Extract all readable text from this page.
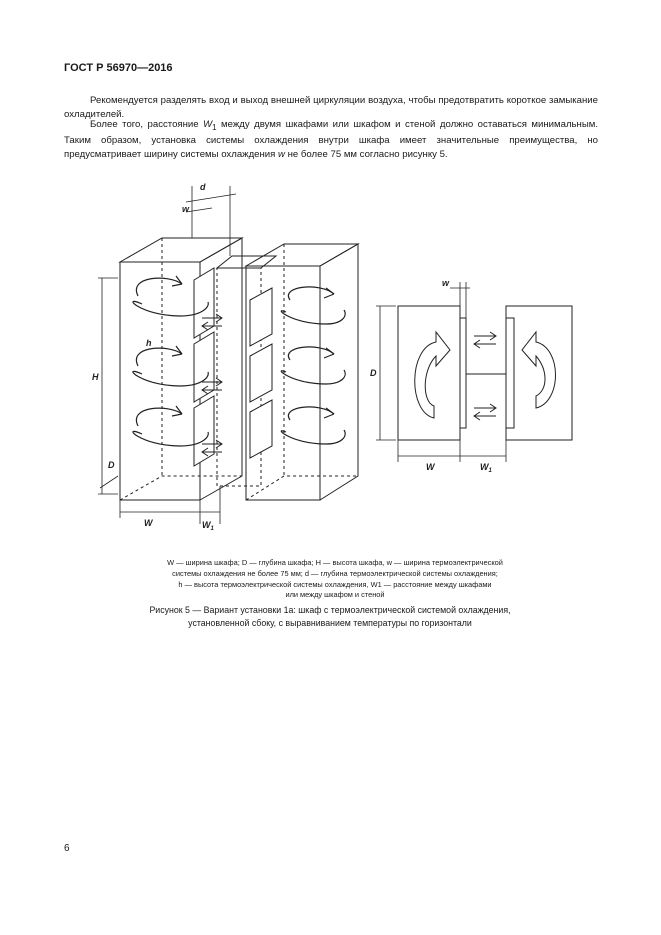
ГОСТ Р 56970—2016
Рекомендуется разделять вход и выход внешней циркуляции воздуха, чтобы предотвратить короткое замыкание охладителей.
Более того, расстояние $W_1$ между двумя шкафами или шкафом и стеной должно оставаться минимальным. Таким образом, установка системы охлаждения внутри шкафа имеет значительные преимущества, но предусматривает ширину системы охлаждения w не более 75 мм согласно рисунку 5.
d
w
h
H
D
W	$W_1$
D
W	$W_1$
w
W — ширина шкафа; D — глубина шкафа; H — высота шкафа, w — ширина термоэлектрической
системы охлаждения не более 75 мм; d — глубина термоэлектрической системы охлаждения;
h — высота термоэлектрической системы охлаждения, W1 — расстояние между шкафами
или между шкафом и стеной
Рисунок 5 — Вариант установки 1а: шкаф с термоэлектрической системой охлаждения,
установленной сбоку, с выравниванием температуры по горизонтали
6
